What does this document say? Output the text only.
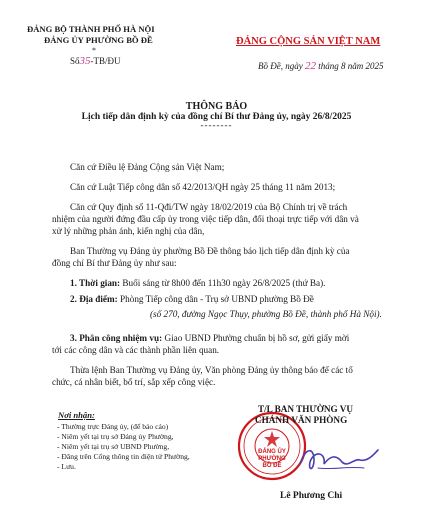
ĐẢNG BỘ THÀNH PHỐ HÀ NỘI
ĐẢNG ỦY PHƯỜNG BỒ ĐỀ
*
Số35-TB/ĐU
ĐẢNG CỘNG SẢN VIỆT NAM
Bồ Đề, ngày 22 tháng 8 năm 2025
THÔNG BÁO
Lịch tiếp dân định kỳ của đồng chí Bí thư Đảng ủy, ngày 26/8/2025
--------
Căn cứ Điều lệ Đảng Cộng sản Việt Nam;
Căn cứ Luật Tiếp công dân số 42/2013/QH ngày 25 tháng 11 năm 2013;
Căn cứ Quy định số 11-Qđi/TW ngày 18/02/2019 của Bộ Chính trị về trách
nhiệm của người đứng đầu cấp ủy trong việc tiếp dân, đối thoại trực tiếp với dân và
xử lý những phản ánh, kiến nghị của dân,
Ban Thường vụ Đảng ủy phường Bồ Đề thông báo lịch tiếp dân định kỳ của
đồng chí Bí thư Đảng ủy như sau:
1. Thời gian: Buổi sáng từ 8h00 đến 11h30 ngày 26/8/2025 (thứ Ba).
2. Địa điểm: Phòng Tiếp công dân - Trụ sở UBND phường Bồ Đề
(số 270, đường Ngọc Thụy, phường Bồ Đề, thành phố Hà Nội).
3. Phân công nhiệm vụ: Giao UBND Phường chuẩn bị hồ sơ, gửi giấy mời
tới các công dân và các thành phần liên quan.
Thừa lệnh Ban Thường vụ Đảng ủy, Văn phòng Đảng ủy thông báo để các tổ
chức, cá nhân biết, bố trí, sắp xếp công việc.
Nơi nhận:
- Thường trực Đảng ủy, (để báo cáo)
- Niêm yết tại trụ sở Đảng ủy Phường,
- Niêm yết tại trụ sở UBND Phường,
- Đăng trên Cổng thông tin điện tử Phường,
- Lưu.
ĐẢNG ỦY
PHƯỜNG
BỒ ĐỀ
T/L BAN THƯỜNG VỤ
CHÁNH VĂN PHÒNG
Lê Phương Chi
